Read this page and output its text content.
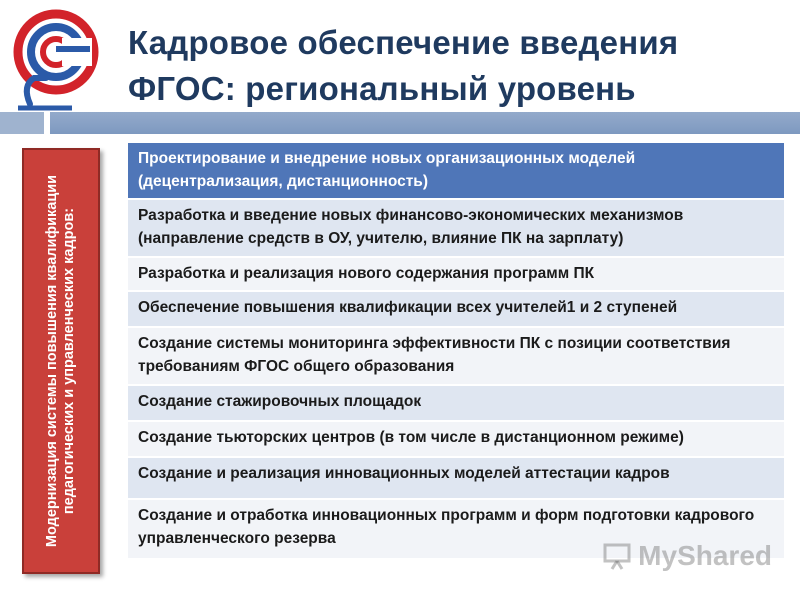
Кадровое обеспечение введения
ФГОС: региональный уровень
Модернизация системы повышения квалификации педагогических и управленческих кадров:
Проектирование и внедрение новых организационных моделей (децентрализация, дистанционность)
Разработка и введение новых финансово-экономических механизмов (направление средств в ОУ, учителю, влияние ПК на зарплату)
Разработка и реализация нового содержания программ ПК
Обеспечение повышения квалификации всех учителей1 и 2 ступеней
Создание системы мониторинга эффективности ПК с позиции соответствия требованиям ФГОС общего образования
Создание стажировочных площадок
Создание тьюторских центров (в том числе в дистанционном режиме)
Создание и реализация инновационных моделей аттестации кадров
Создание и отработка инновационных программ и форм подготовки кадрового управленческого резерва
MyShared
